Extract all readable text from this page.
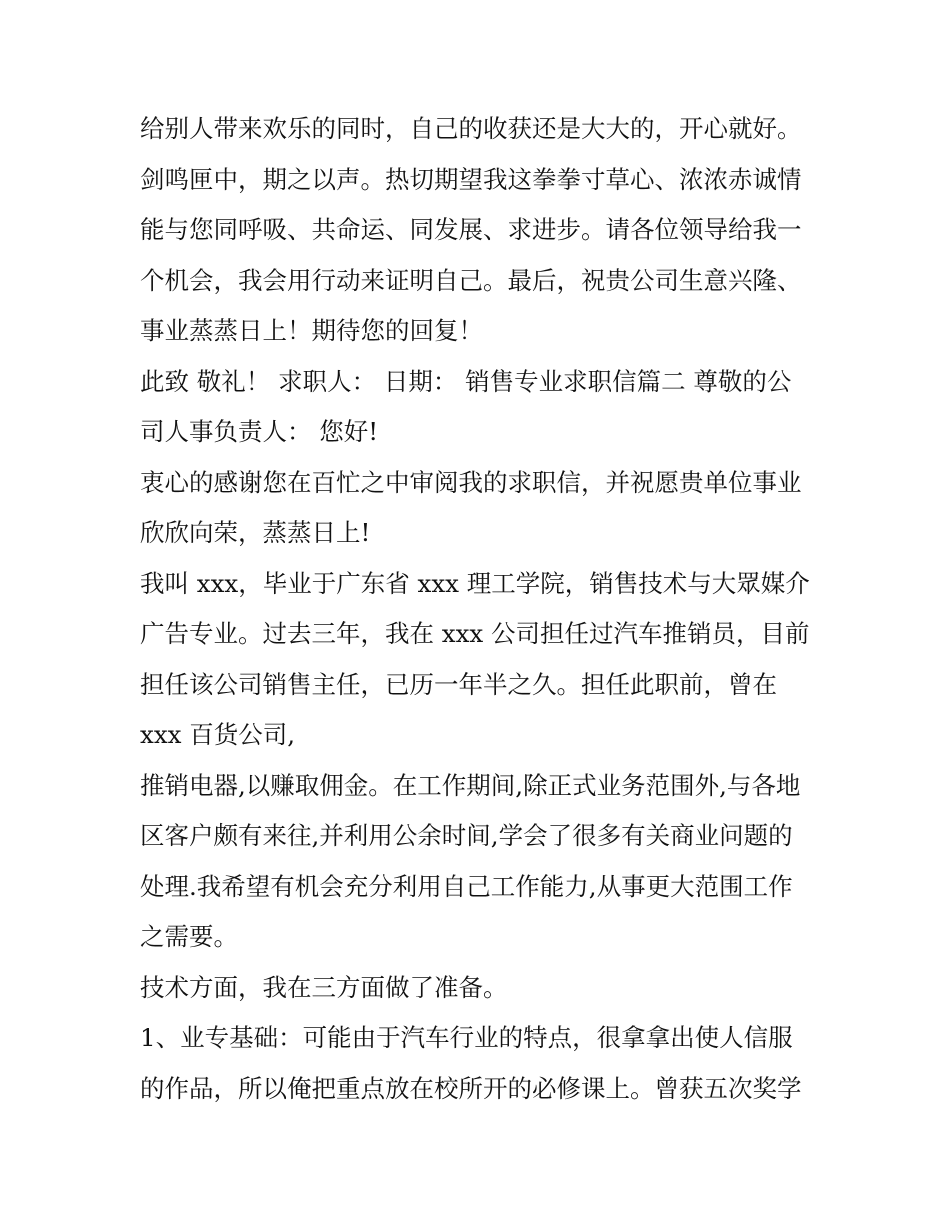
给别人带来欢乐的同时，自己的收获还是大大的，开心就好。
剑鸣匣中，期之以声。热切期望我这拳拳寸草心、浓浓赤诚情
能与您同呼吸、共命运、同发展、求进步。请各位领导给我一
个机会，我会用行动来证明自己。最后，祝贵公司生意兴隆、
事业蒸蒸日上！期待您的回复！
此致 敬礼！ 求职人： 日期： 销售专业求职信篇二 尊敬的公
司人事负责人： 您好!
衷心的感谢您在百忙之中审阅我的求职信，并祝愿贵单位事业
欣欣向荣，蒸蒸日上!
我叫 xxx，毕业于广东省 xxx 理工学院，销售技术与大眾媒介
广告专业。过去三年，我在 xxx 公司担任过汽车推销员，目前
担任该公司销售主任，已历一年半之久。担任此职前，曾在
xxx 百货公司,
推销电器,以赚取佣金。在工作期间,除正式业务范围外,与各地
区客户颇有来往,并利用公余时间,学会了很多有关商业问题的
处理.我希望有机会充分利用自己工作能力,从事更大范围工作
之需要。
技术方面，我在三方面做了准备。
1、业专基础：可能由于汽车行业的特点，很拿拿出使人信服
的作品，所以俺把重点放在校所开的必修课上。曾获五次奖学
